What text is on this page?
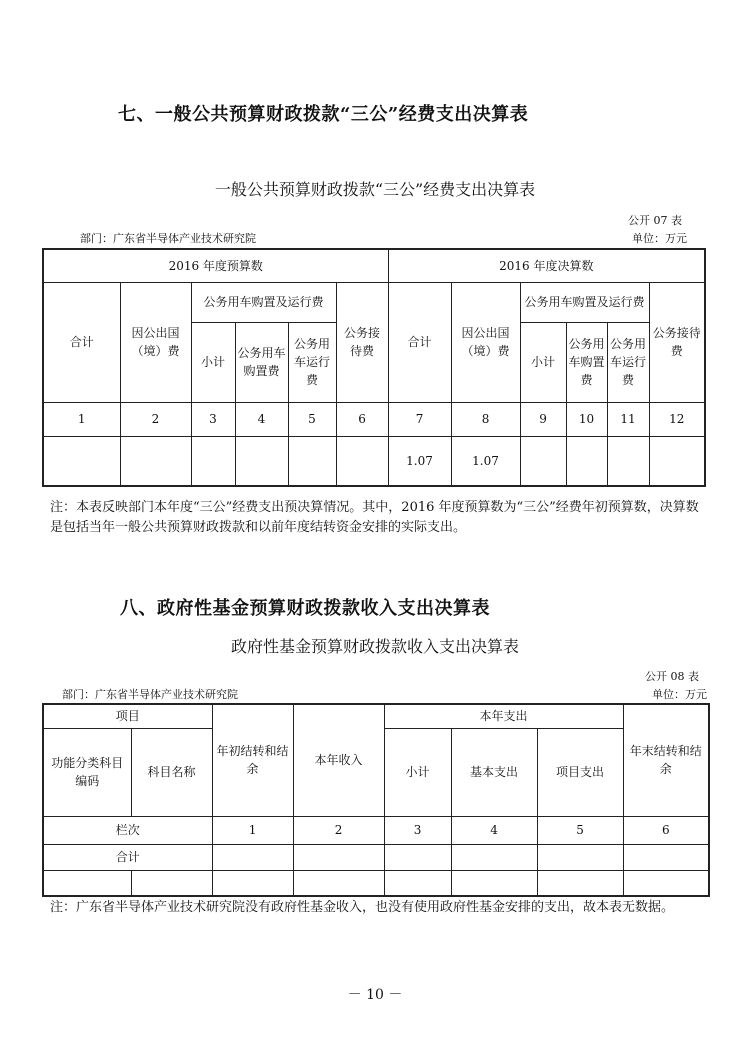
七、一般公共预算财政拨款“三公”经费支出决算表
一般公共预算财政拨款“三公”经费支出决算表
公开 07 表
部门：广东省半导体产业技术研究院	单位：万元
2016 年度预算数						2016 年度决算数					
合计	因公出国（境）费	公务用车购置及运行费			公务接待费	合计	因公出国（境）费	公务用车购置及运行费			公务接待费
		小计	公务用车购置费	公务用车运行费				小计	公务用车购置费	公务用车运行费	
1	2	3	4	5	6	7	8	9	10	11	12
						1.07	1.07				
注：本表反映部门本年度“三公”经费支出预决算情况。其中，2016 年度预算数为“三公”经费年初预算数，决算数是包括当年一般公共预算财政拨款和以前年度结转资金安排的实际支出。
八、政府性基金预算财政拨款收入支出决算表
政府性基金预算财政拨款收入支出决算表
公开 08 表
部门：广东省半导体产业技术研究院	单位：万元
项目		年初结转和结余	本年收入	本年支出			年末结转和结余
功能分类科目编码	科目名称			小计	基本支出	项目支出	
栏次		1	2	3	4	5	6
合计							

注：广东省半导体产业技术研究院没有政府性基金收入，也没有使用政府性基金安排的支出，故本表无数据。
－ 10 －
